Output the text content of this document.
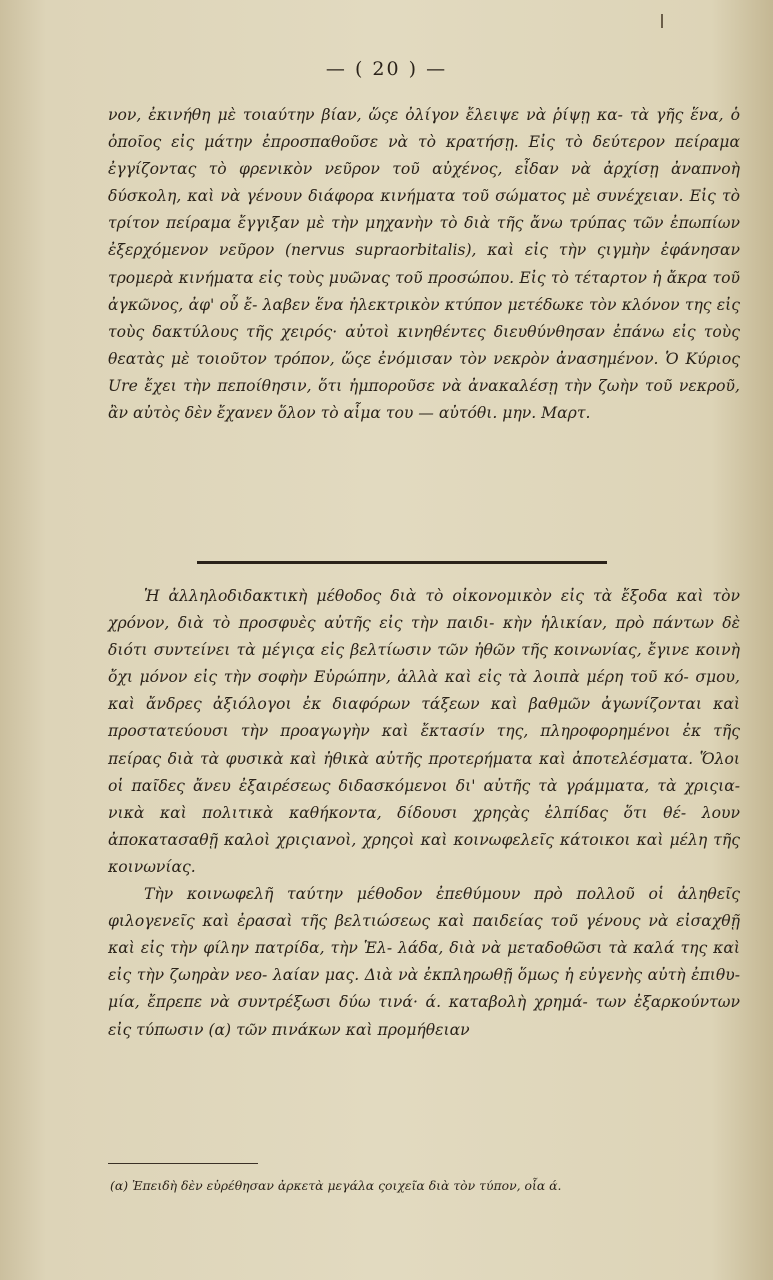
— ( 20 ) —

νον, ἐκινήθη μὲ τοιαύτην βίαν, ὥςε ὀλίγον ἔλειψε νὰ ῥίψῃ κα- τὰ γῆς ἕνα, ὁ ὁποῖος εἰς μάτην ἐπροσπαθοῦσε νὰ τὸ κρατήσῃ. Εἰς τὸ δεύτερον πείραμα ἐγγίζοντας τὸ φρενικὸν νεῦρον τοῦ αὐχένος, εἶδαν νὰ ἀρχίσῃ ἀναπνοὴ δύσκολη, καὶ νὰ γένουν διάφορα κινήματα τοῦ σώματος μὲ συνέχειαν. Εἰς τὸ τρίτον πείραμα ἔγγιξαν μὲ τὴν μηχανὴν τὸ διὰ τῆς ἄνω τρύπας τῶν ἐπωπίων ἐξερχόμενον νεῦρον (nervus supraorbitalis), καὶ εἰς τὴν ςιγμὴν ἐφάνησαν τρομερὰ κινήματα εἰς τοὺς μυῶνας τοῦ προσώπου. Εἰς τὸ τέταρτον ἡ ἄκρα τοῦ ἀγκῶνος, ἀφ' οὗ ἔ- λαβεν ἕνα ἠλεκτρικὸν κτύπον μετέδωκε τὸν κλόνον της εἰς τοὺς δακτύλους τῆς χειρός· αὐτοὶ κινηθέντες διευθύνθησαν ἐπάνω εἰς τοὺς θεατὰς μὲ τοιοῦτον τρόπον, ὥςε ἐνόμισαν τὸν νεκρὸν ἀνασημένον. Ὁ Κύριος Ure ἔχει τὴν πεποίθησιν, ὅτι ἠμποροῦσε νὰ ἀνακαλέσῃ τὴν ζωὴν τοῦ νεκροῦ, ἂν αὐτὸς δὲν ἔχανεν ὅλον τὸ αἷμα του — αὐτόθι. μην. Μαρτ.

Ἡ ἀλληλοδιδακτικὴ μέθοδος διὰ τὸ οἰκονομικὸν εἰς τὰ ἔξοδα καὶ τὸν χρόνον, διὰ τὸ προσφυὲς αὐτῆς εἰς τὴν παιδι- κὴν ἡλικίαν, πρὸ πάντων δὲ διότι συντείνει τὰ μέγιςα εἰς βελτίωσιν τῶν ἠθῶν τῆς κοινωνίας, ἔγινε κοινὴ ὄχι μόνον εἰς τὴν σοφὴν Εὐρώπην, ἀλλὰ καὶ εἰς τὰ λοιπὰ μέρη τοῦ κό- σμου, καὶ ἄνδρες ἀξιόλογοι ἐκ διαφόρων τάξεων καὶ βαθμῶν ἀγωνίζονται καὶ προστατεύουσι τὴν προαγωγὴν καὶ ἔκτασίν της, πληροφορημένοι ἐκ τῆς πείρας διὰ τὰ φυσικὰ καὶ ἠθικὰ αὐτῆς προτερήματα καὶ ἀποτελέσματα. Ὅλοι οἱ παῖδες ἄνευ ἐξαιρέσεως διδασκόμενοι δι' αὐτῆς τὰ γράμματα, τὰ χριςια- νικὰ καὶ πολιτικὰ καθήκοντα, δίδουσι χρηςὰς ἐλπίδας ὅτι θέ- λουν ἀποκατασαθῇ καλοὶ χριςιανοὶ, χρηςοὶ καὶ κοινωφελεῖς κάτοικοι καὶ μέλη τῆς κοινωνίας.

Τὴν κοινωφελῆ ταύτην μέθοδον ἐπεθύμουν πρὸ πολλοῦ οἱ ἀληθεῖς φιλογενεῖς καὶ ἐρασαὶ τῆς βελτιώσεως καὶ παιδείας τοῦ γένους νὰ εἰσαχθῇ καὶ εἰς τὴν φίλην πατρίδα, τὴν Ἑλ- λάδα, διὰ νὰ μεταδοθῶσι τὰ καλά της καὶ εἰς τὴν ζωηρὰν νεο- λαίαν μας. Διὰ νὰ ἐκπληρωθῇ ὅμως ἡ εὐγενὴς αὐτὴ ἐπιθυ- μία, ἔπρεπε νὰ συντρέξωσι δύω τινά· ά. καταβολὴ χρημά- των ἐξαρκούντων εἰς τύπωσιν (α) τῶν πινάκων καὶ προμήθειαν

(α) Ἐπειδὴ δὲν εὑρέθησαν ἀρκετὰ μεγάλα ςοιχεῖα διὰ τὸν τύπον, οἷα ά.
